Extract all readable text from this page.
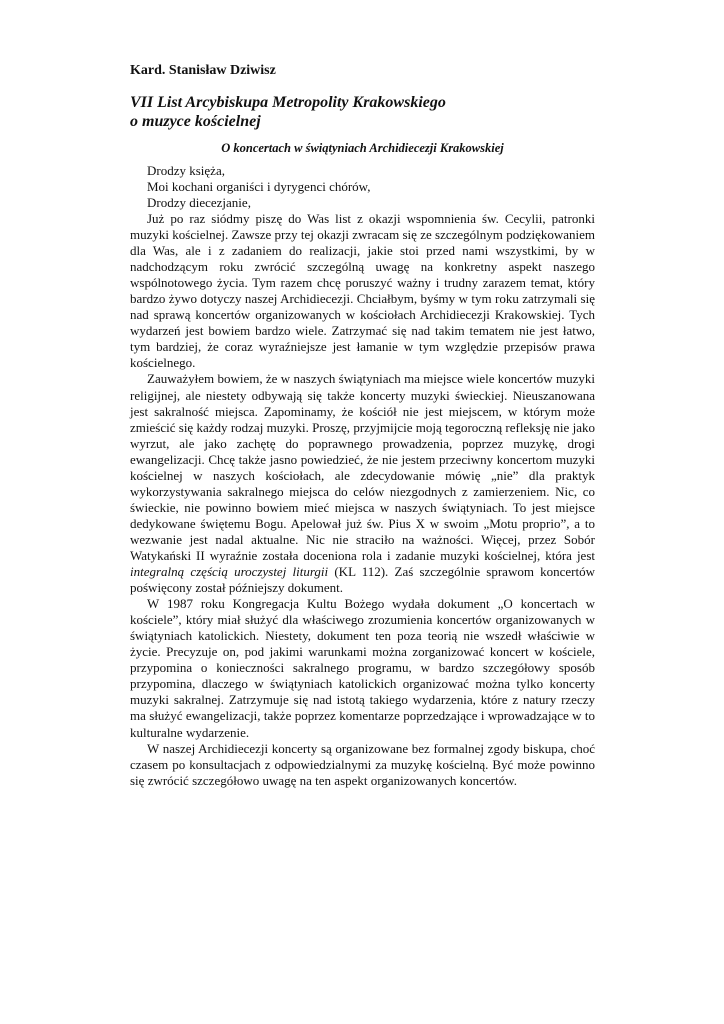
Kard. Stanisław Dziwisz
VII List Arcybiskupa Metropolity Krakowskiego
o muzyce kościelnej
O koncertach w świątyniach Archidiecezji Krakowskiej
Drodzy księża,
Moi kochani organiści i dyrygenci chórów,
Drodzy diecezjanie,

Już po raz siódmy piszę do Was list z okazji wspomnienia św. Cecylii, patronki muzyki kościelnej. Zawsze przy tej okazji zwracam się ze szczególnym podziękowaniem dla Was, ale i z zadaniem do realizacji, jakie stoi przed nami wszystkimi, by w nadchodzącym roku zwrócić szczególną uwagę na konkretny aspekt naszego wspólnotowego życia. Tym razem chcę poruszyć ważny i trudny zarazem temat, który bardzo żywo dotyczy naszej Archidiecezji. Chciałbym, byśmy w tym roku zatrzymali się nad sprawą koncertów organizowanych w kościołach Archidiecezji Krakowskiej. Tych wydarzeń jest bowiem bardzo wiele. Zatrzymać się nad takim tematem nie jest łatwo, tym bardziej, że coraz wyraźniejsze jest łamanie w tym względzie przepisów prawa kościelnego.

Zauważyłem bowiem, że w naszych świątyniach ma miejsce wiele koncertów muzyki religijnej, ale niestety odbywają się także koncerty muzyki świeckiej. Nieuszanowana jest sakralność miejsca. Zapominamy, że kościół nie jest miejscem, w którym może zmieścić się każdy rodzaj muzyki. Proszę, przyjmijcie moją tegoroczną refleksję nie jako wyrzut, ale jako zachętę do poprawnego prowadzenia, poprzez muzykę, drogi ewangelizacji. Chcę także jasno powiedzieć, że nie jestem przeciwny koncertom muzyki kościelnej w naszych kościołach, ale zdecydowanie mówię „nie” dla praktyk wykorzystywania sakralnego miejsca do celów niezgodnych z zamierzeniem. Nic, co świeckie, nie powinno bowiem mieć miejsca w naszych świątyniach. To jest miejsce dedykowane świętemu Bogu. Apelował już św. Pius X w swoim „Motu proprio”, a to wezwanie jest nadal aktualne. Nic nie straciło na ważności. Więcej, przez Sobór Watykański II wyraźnie została doceniona rola i zadanie muzyki kościelnej, która jest integralną częścią uroczystej liturgii (KL 112). Zaś szczególnie sprawom koncertów poświęcony został późniejszy dokument.

W 1987 roku Kongregacja Kultu Bożego wydała dokument „O koncertach w kościele”, który miał służyć dla właściwego zrozumienia koncertów organizowanych w świątyniach katolickich. Niestety, dokument ten poza teorią nie wszedł właściwie w życie. Precyzuje on, pod jakimi warunkami można zorganizować koncert w kościele, przypomina o konieczności sakralnego programu, w bardzo szczegółowy sposób przypomina, dlaczego w świątyniach katolickich organizować można tylko koncerty muzyki sakralnej. Zatrzymuje się nad istotą takiego wydarzenia, które z natury rzeczy ma służyć ewangelizacji, także poprzez komentarze poprzedzające i wprowadzające w to kulturalne wydarzenie.

W naszej Archidiecezji koncerty są organizowane bez formalnej zgody biskupa, choć czasem po konsultacjach z odpowiedzialnymi za muzykę kościelną. Być może powinno się zwrócić szczegółowo uwagę na ten aspekt organizowanych koncertów.
